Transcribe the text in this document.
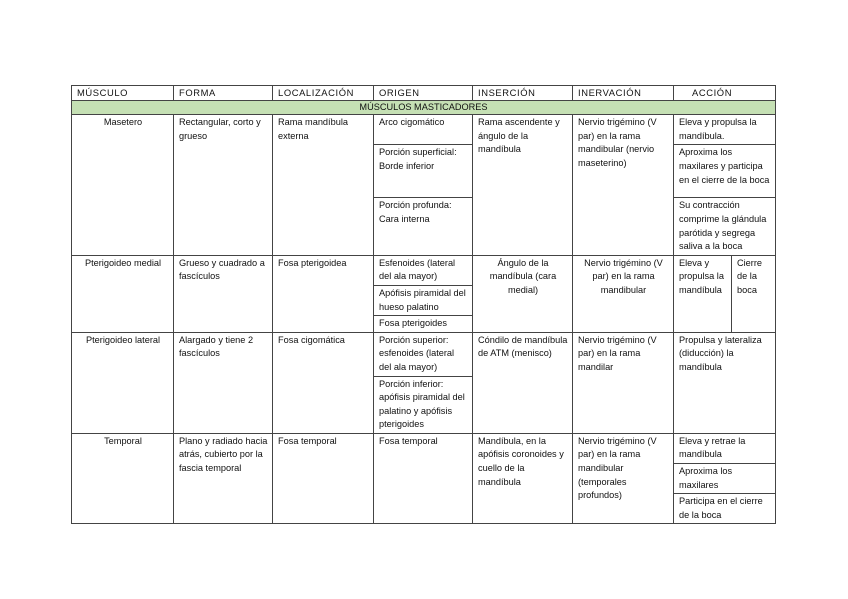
MÚSCULO	FORMA	LOCALIZACIÓN	ORIGEN	INSERCIÓN	INERVACIÓN	ACCIÓN	
MÚSCULOS MASTICADORES							
Masetero	Rectangular, corto y grueso	Rama mandíbula externa	Arco cigomático	Rama ascendente y ángulo de la mandíbula	Nervio trigémino (V par) en la rama mandibular (nervio maseterino)	Eleva y propulsa la mandíbula.	
			Porción superficial: Borde inferior			Aproxima los maxilares y participa en el cierre de la boca	
			Porción profunda: Cara interna			Su contracción comprime la glándula parótida y segrega saliva a la boca	
Pterigoideo medial	Grueso y cuadrado a fascículos	Fosa pterigoidea	Esfenoides (lateral del ala mayor)	Ángulo de la mandíbula (cara medial)	Nervio trigémino (V par) en la rama mandibular	Eleva y propulsa la mandíbula	Cierre de la boca
			Apófisis piramidal del hueso palatino				
			Fosa pterigoides				
Pterigoideo lateral	Alargado y tiene 2 fascículos	Fosa cigomática	Porción superior: esfenoides (lateral del ala mayor)	Cóndilo de mandíbula de ATM (menisco)	Nervio trigémino (V par) en la rama mandilar	Propulsa y lateraliza (diducción) la mandíbula	
			Porción inferior: apófisis piramidal del palatino y apófisis pterigoides				
Temporal	Plano y radiado hacia atrás, cubierto por la fascia temporal	Fosa temporal	Fosa temporal	Mandíbula, en la apófisis coronoides y cuello de la mandíbula	Nervio trigémino (V par) en la rama mandibular (temporales profundos)	Eleva y retrae la mandíbula	
						Aproxima los maxilares	
						Participa en el cierre de la boca	
